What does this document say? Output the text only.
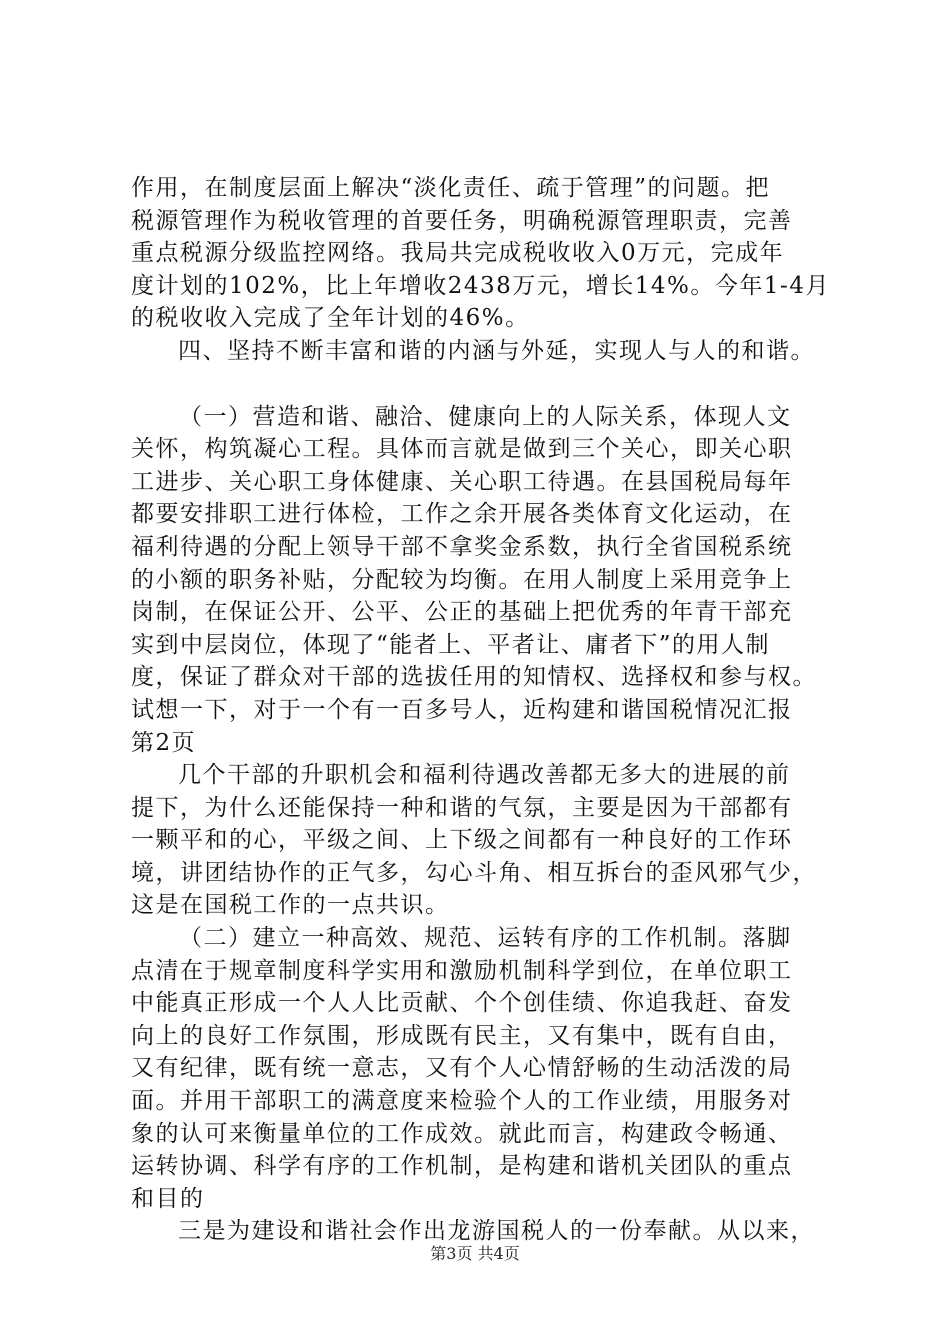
作用，在制度层面上解决“淡化责任、疏于管理”的问题。把
税源管理作为税收管理的首要任务，明确税源管理职责，完善
重点税源分级监控网络。我局共完成税收收入0万元，完成年
度计划的102%，比上年增收2438万元，增长14%。今年1-4月
的税收收入完成了全年计划的46%。
四、坚持不断丰富和谐的内涵与外延，实现人与人的和谐。
（一）营造和谐、融洽、健康向上的人际关系，体现人文
关怀，构筑凝心工程。具体而言就是做到三个关心，即关心职
工进步、关心职工身体健康、关心职工待遇。在县国税局每年
都要安排职工进行体检，工作之余开展各类体育文化运动，在
福利待遇的分配上领导干部不拿奖金系数，执行全省国税系统
的小额的职务补贴，分配较为均衡。在用人制度上采用竞争上
岗制，在保证公开、公平、公正的基础上把优秀的年青干部充
实到中层岗位，体现了“能者上、平者让、庸者下”的用人制
度，保证了群众对干部的选拔任用的知情权、选择权和参与权。
试想一下，对于一个有一百多号人，近构建和谐国税情况汇报
第2页
几个干部的升职机会和福利待遇改善都无多大的进展的前
提下，为什么还能保持一种和谐的气氛，主要是因为干部都有
一颗平和的心，平级之间、上下级之间都有一种良好的工作环
境，讲团结协作的正气多，勾心斗角、相互拆台的歪风邪气少，
这是在国税工作的一点共识。
（二）建立一种高效、规范、运转有序的工作机制。落脚
点清在于规章制度科学实用和激励机制科学到位，在单位职工
中能真正形成一个人人比贡献、个个创佳绩、你追我赶、奋发
向上的良好工作氛围，形成既有民主，又有集中，既有自由，
又有纪律，既有统一意志，又有个人心情舒畅的生动活泼的局
面。并用干部职工的满意度来检验个人的工作业绩，用服务对
象的认可来衡量单位的工作成效。就此而言，构建政令畅通、
运转协调、科学有序的工作机制，是构建和谐机关团队的重点
和目的
三是为建设和谐社会作出龙游国税人的一份奉献。从以来，
第3页 共4页
